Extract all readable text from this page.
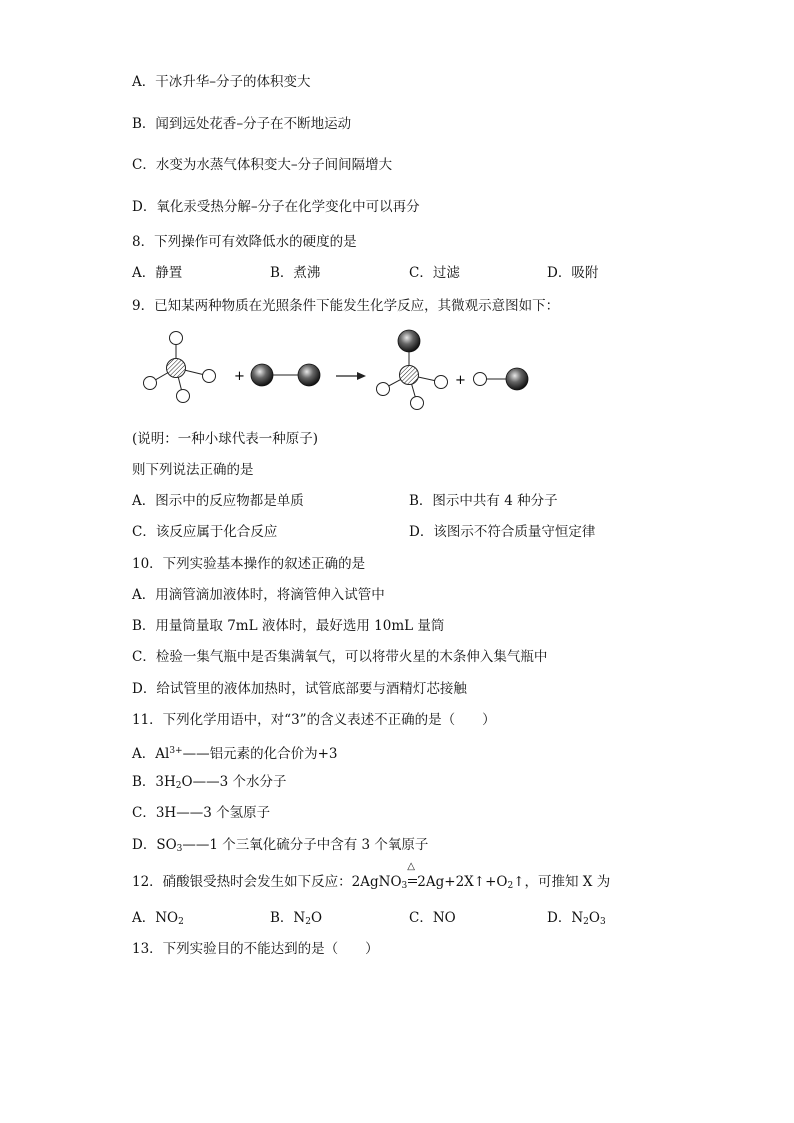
A．干冰升华–分子的体积变大
B．闻到远处花香–分子在不断地运动
C．水变为水蒸气体积变大–分子间间隔增大
D．氧化汞受热分解–分子在化学变化中可以再分
8．下列操作可有效降低水的硬度的是
A．静置	B．煮沸	C．过滤	D．吸附
9．已知某两种物质在光照条件下能发生化学反应，其微观示意图如下：
+	+
(说明：一种小球代表一种原子)
则下列说法正确的是
A．图示中的反应物都是单质	B．图示中共有 4 种分子
C．该反应属于化合反应	D．该图示不符合质量守恒定律
10．下列实验基本操作的叙述正确的是
A．用滴管滴加液体时，将滴管伸入试管中
B．用量筒量取 7mL 液体时，最好选用 10mL 量筒
C．检验一集气瓶中是否集满氧气，可以将带火星的木条伸入集气瓶中
D．给试管里的液体加热时，试管底部要与酒精灯芯接触
11．下列化学用语中，对“3”的含义表述不正确的是（　　）
A．$Al^{3+}——$铝元素的化合价为+3
B．$3H_2O——3$ 个水分子
C．3H——3 个氢原子
D．$SO_3——1$ 个三氧化硫分子中含有 3 个氧原子
12．硝酸银受热时会发生如下反应：2AgNO$_3$
△
$2Ag+2X↑+O_2↑$，可推知 X 为
A．$NO_2$	B．$N_2O$	C．NO	D．$N_2O_3$
13．下列实验目的不能达到的是（　　）
